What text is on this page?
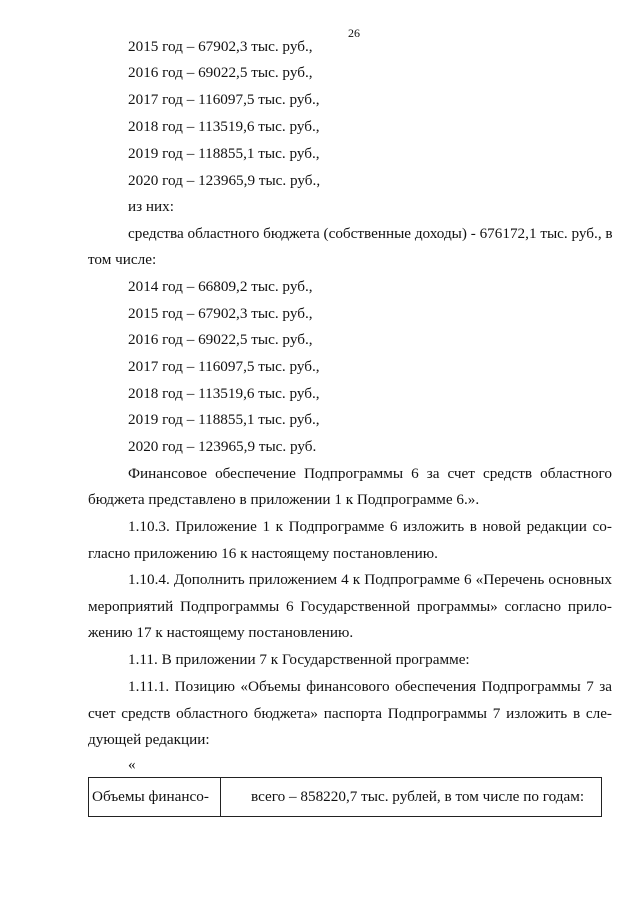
26
2015 год – 67902,3 тыс. руб.,
2016 год – 69022,5 тыс. руб.,
2017 год – 116097,5 тыс. руб.,
2018 год – 113519,6 тыс. руб.,
2019 год – 118855,1 тыс. руб.,
2020 год – 123965,9 тыс. руб.,
из них:
средства областного бюджета (собственные доходы) - 676172,1 тыс. руб., в
том числе:
2014 год – 66809,2 тыс. руб.,
2015 год – 67902,3 тыс. руб.,
2016 год – 69022,5 тыс. руб.,
2017 год – 116097,5 тыс. руб.,
2018 год – 113519,6 тыс. руб.,
2019 год – 118855,1 тыс. руб.,
2020 год – 123965,9 тыс. руб.
Финансовое обеспечение Подпрограммы 6 за счет средств областного
бюджета представлено в приложении 1 к Подпрограмме 6.».
1.10.3. Приложение 1 к Подпрограмме 6 изложить в новой редакции со-
гласно приложению 16 к настоящему постановлению.
1.10.4. Дополнить приложением 4 к Подпрограмме 6 «Перечень основных
мероприятий Подпрограммы 6 Государственной программы» согласно прило-
жению 17 к настоящему постановлению.
1.11. В приложении 7 к Государственной программе:
1.11.1. Позицию «Объемы финансового обеспечения Подпрограммы 7 за
счет средств областного бюджета» паспорта Подпрограммы 7 изложить в сле-
дующей редакции:
«
Объемы финансо-	всего – 858220,7 тыс. рублей, в том числе по годам:
